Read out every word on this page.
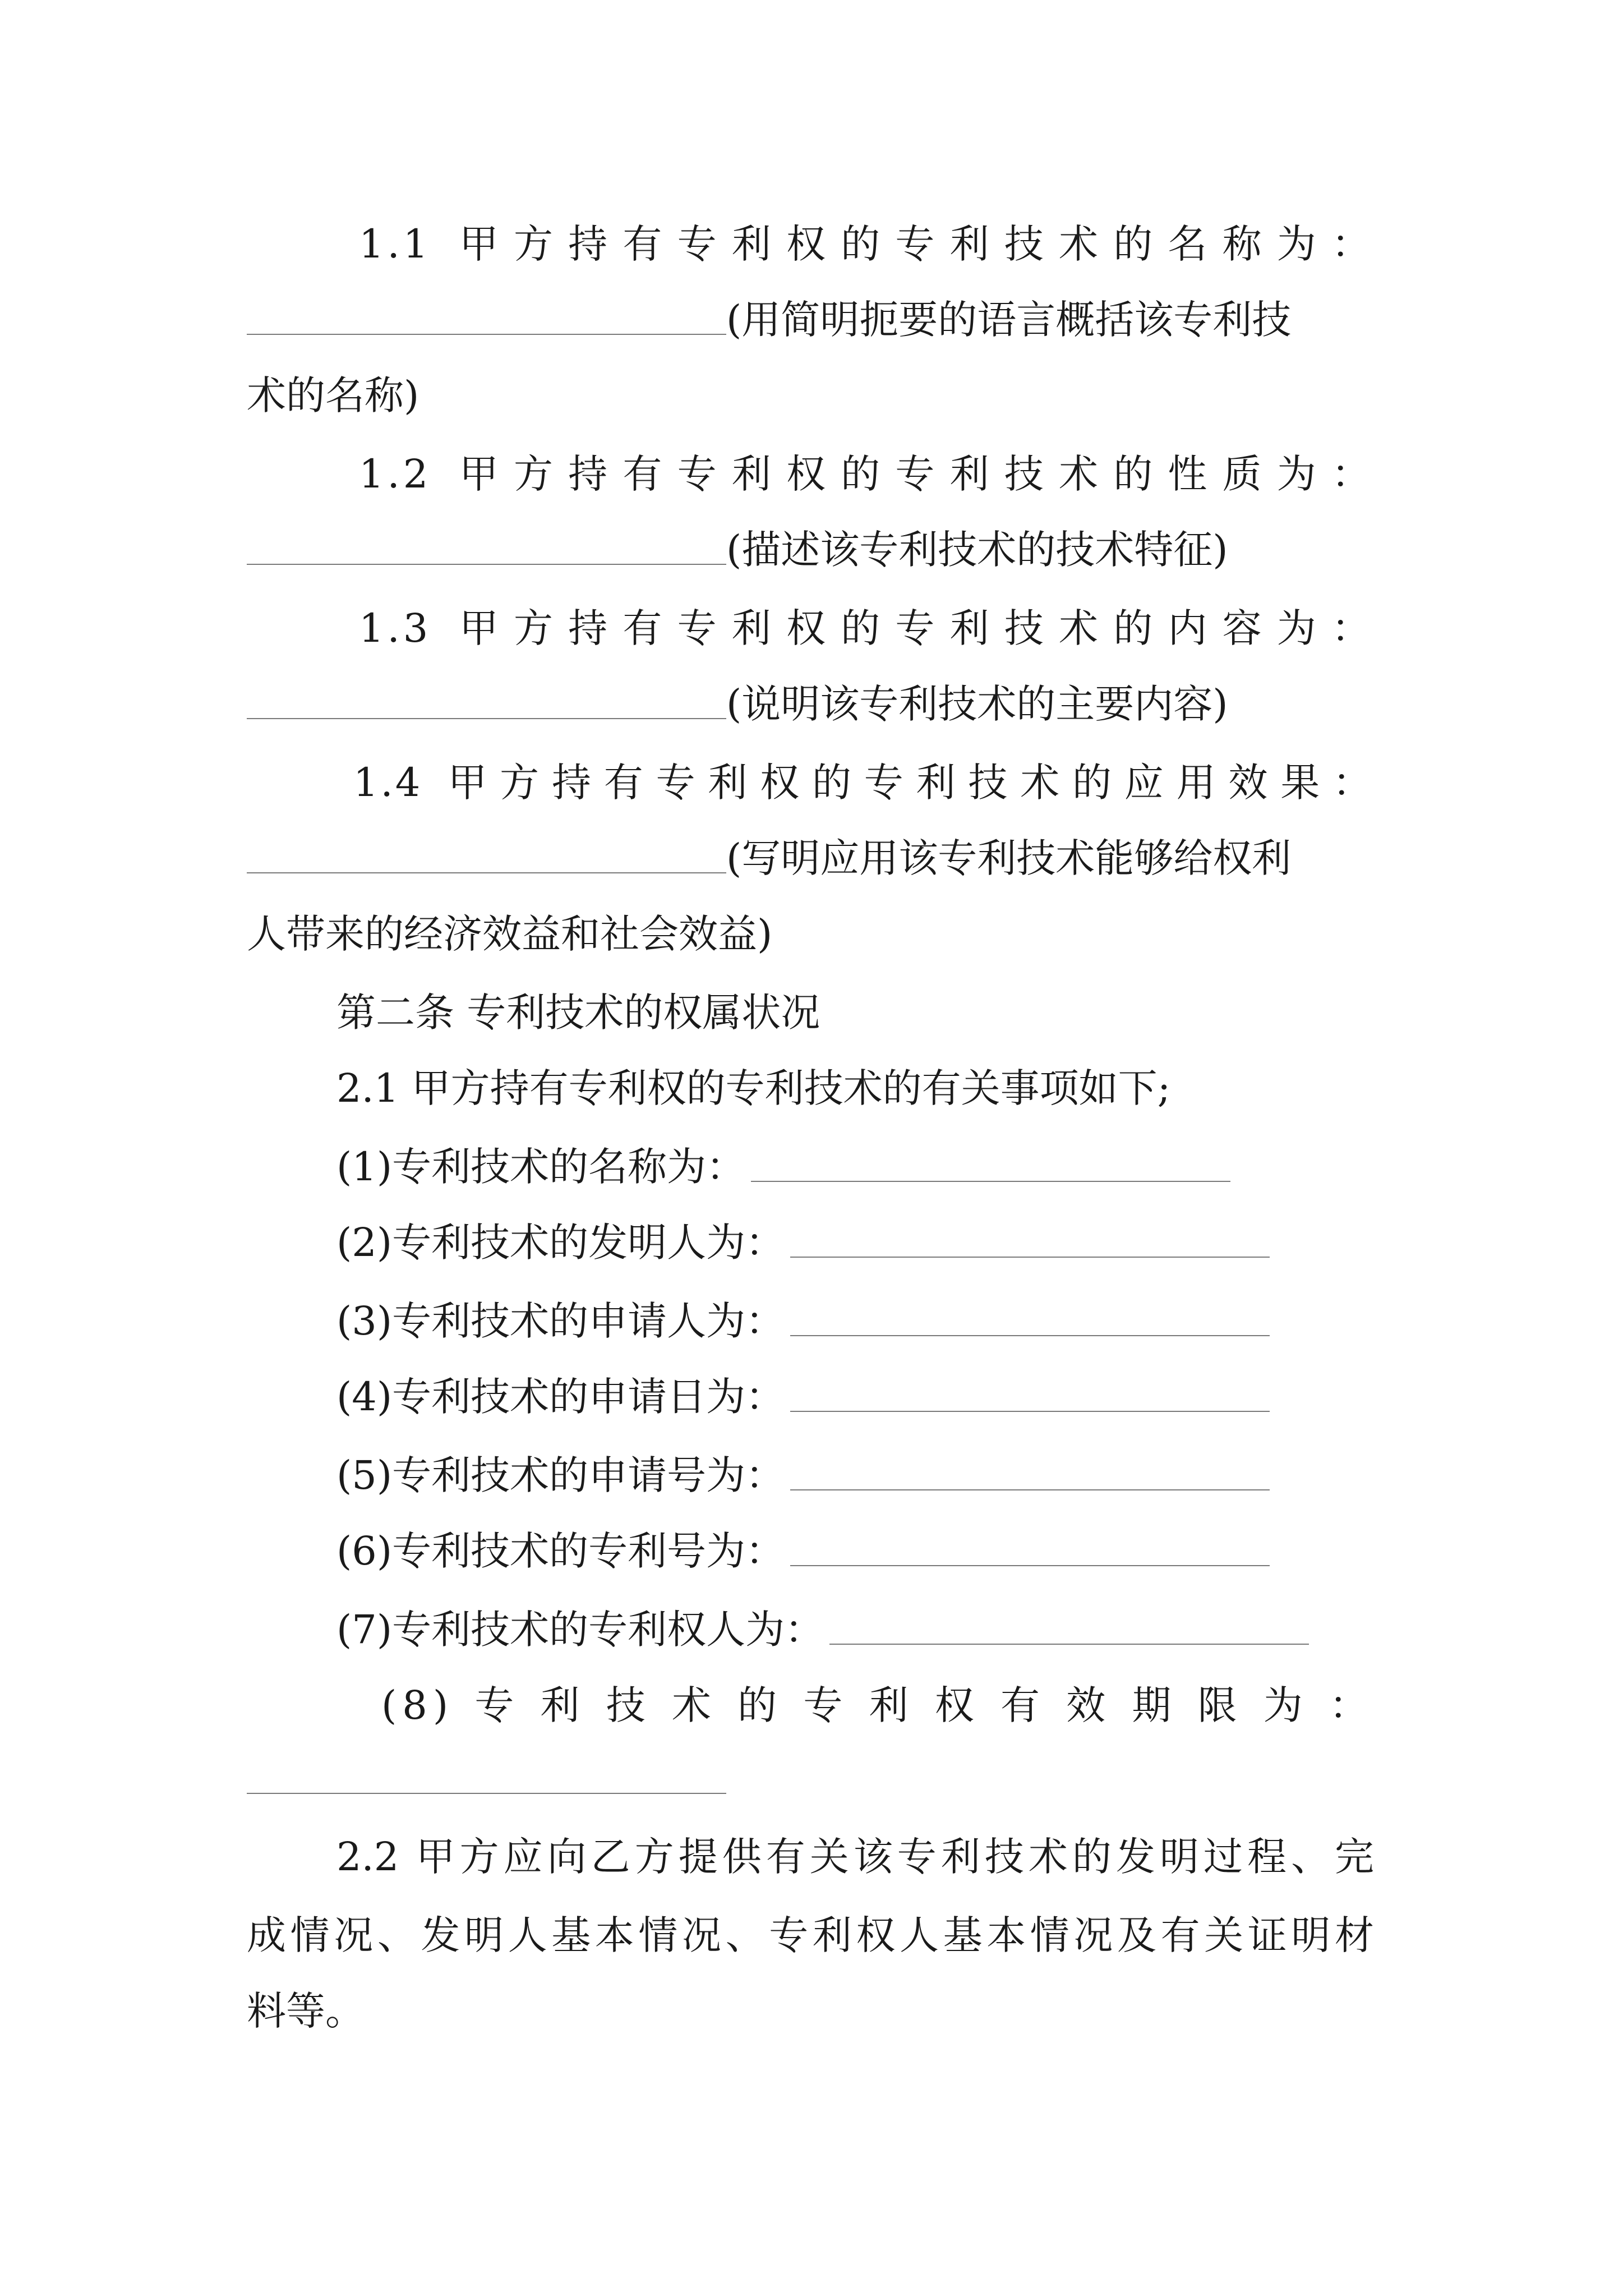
1.1 甲方持有专利权的专利技术的名称为：
(用简明扼要的语言概括该专利技
术的名称)
1.2 甲方持有专利权的专利技术的性质为：
(描述该专利技术的技术特征)
1.3 甲方持有专利权的专利技术的内容为：
(说明该专利技术的主要内容)
1.4 甲方持有专利权的专利技术的应用效果：
(写明应用该专利技术能够给权利
人带来的经济效益和社会效益)
第二条 专利技术的权属状况
2.1 甲方持有专利权的专利技术的有关事项如下;
(1)专利技术的名称为：
(2)专利技术的发明人为：
(3)专利技术的申请人为：
(4)专利技术的申请日为：
(5)专利技术的申请号为：
(6)专利技术的专利号为：
(7)专利技术的专利权人为：
(8)专利技术的专利权有效期限为：
2.2 甲方应向乙方提供有关该专利技术的发明过程、完
成情况、发明人基本情况、专利权人基本情况及有关证明材
料等。
